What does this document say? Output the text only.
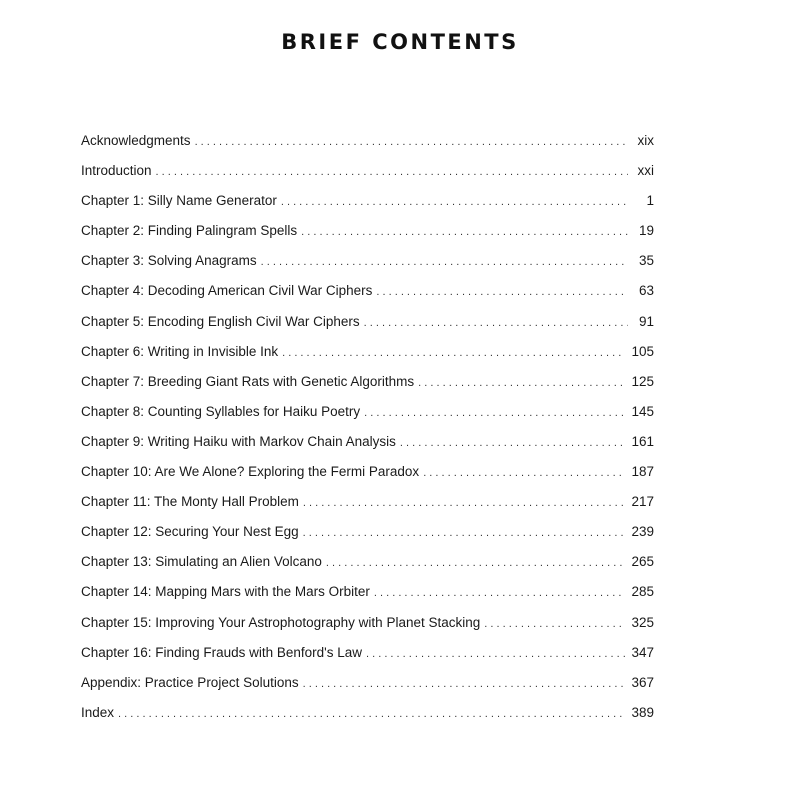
BRIEF CONTENTS
Acknowledgments . . .	xix
Introduction . . .	xxi
Chapter 1: Silly Name Generator . . .	1
Chapter 2: Finding Palingram Spells . . .	19
Chapter 3: Solving Anagrams . . .	35
Chapter 4: Decoding American Civil War Ciphers . . .	63
Chapter 5: Encoding English Civil War Ciphers . . .	91
Chapter 6: Writing in Invisible Ink . . .	105
Chapter 7: Breeding Giant Rats with Genetic Algorithms . . .	125
Chapter 8: Counting Syllables for Haiku Poetry . . .	145
Chapter 9: Writing Haiku with Markov Chain Analysis . . .	161
Chapter 10: Are We Alone? Exploring the Fermi Paradox . . .	187
Chapter 11: The Monty Hall Problem . . .	217
Chapter 12: Securing Your Nest Egg . . .	239
Chapter 13: Simulating an Alien Volcano . . .	265
Chapter 14: Mapping Mars with the Mars Orbiter . . .	285
Chapter 15: Improving Your Astrophotography with Planet Stacking . . .	325
Chapter 16: Finding Frauds with Benford's Law . . .	347
Appendix: Practice Project Solutions . . .	367
Index . . .	389
